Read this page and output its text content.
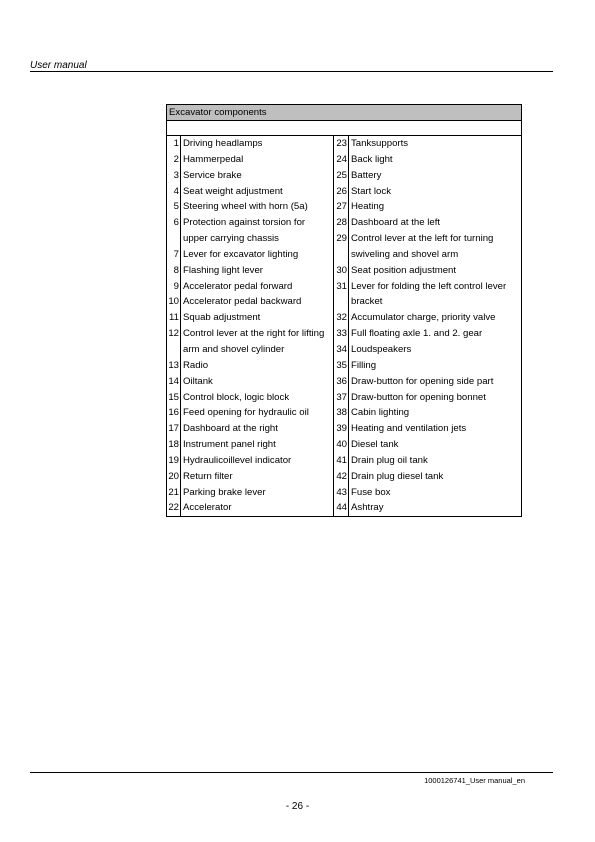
User manual
Excavator components			

1	Driving headlamps	23	Tanksupports
2	Hammerpedal	24	Back light
3	Service brake	25	Battery
4	Seat weight adjustment	26	Start lock
5	Steering wheel with horn (5a)	27	Heating
6	Protection against torsion for	28	Dashboard at the left
	upper carrying chassis	29	Control lever at the left for turning
7	Lever for excavator lighting		swiveling and shovel arm
8	Flashing light lever	30	Seat position adjustment
9	Accelerator pedal forward	31	Lever for folding the left control lever
10	Accelerator pedal backward		bracket
11	Squab adjustment	32	Accumulator charge, priority valve
12	Control lever at the right for lifting	33	Full floating axle 1. and 2. gear
	arm and shovel cylinder	34	Loudspeakers
13	Radio	35	Filling
14	Oiltank	36	Draw-button for opening side part
15	Control block, logic block	37	Draw-button for opening bonnet
16	Feed opening for hydraulic oil	38	Cabin lighting
17	Dashboard at the right	39	Heating and ventilation jets
18	Instrument panel right	40	Diesel tank
19	Hydraulicoillevel indicator	41	Drain plug oil tank
20	Return filter	42	Drain plug diesel tank
21	Parking brake lever	43	Fuse box
22	Accelerator	44	Ashtray
1000126741_User manual_en
- 26 -
